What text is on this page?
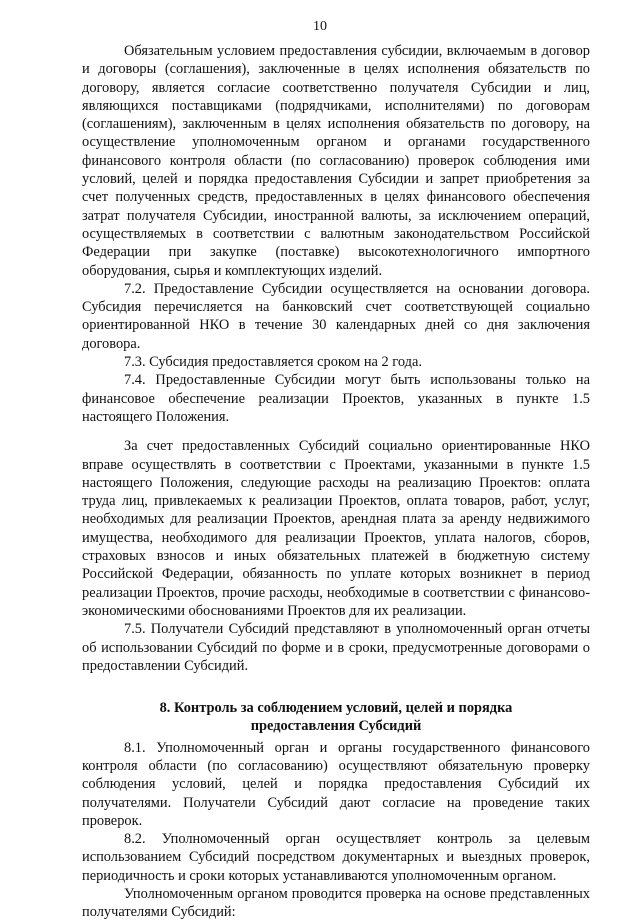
10

Обязательным условием предоставления субсидии, включаемым в договор и договоры (соглашения), заключенные в целях исполнения обязательств по договору, является согласие соответственно получателя Субсидии и лиц, являющихся поставщиками (подрядчиками, исполнителями) по договорам (соглашениям), заключенным в целях исполнения обязательств по договору, на осуществление уполномоченным органом и органами государственного финансового контроля области (по согласованию) проверок соблюдения ими условий, целей и порядка предоставления Субсидии и запрет приобретения за счет полученных средств, предоставленных в целях финансового обеспечения затрат получателя Субсидии, иностранной валюты, за исключением операций, осуществляемых в соответствии с валютным законодательством Российской Федерации при закупке (поставке) высокотехнологичного импортного оборудования, сырья и комплектующих изделий.

7.2. Предоставление Субсидии осуществляется на основании договора. Субсидия перечисляется на банковский счет соответствующей социально ориентированной НКО в течение 30 календарных дней со дня заключения договора.

7.3. Субсидия предоставляется сроком на 2 года.

7.4. Предоставленные Субсидии могут быть использованы только на финансовое обеспечение реализации Проектов, указанных в пункте 1.5 настоящего Положения.

За счет предоставленных Субсидий социально ориентированные НКО вправе осуществлять в соответствии с Проектами, указанными в пункте 1.5 настоящего Положения, следующие расходы на реализацию Проектов: оплата труда лиц, привлекаемых к реализации Проектов, оплата товаров, работ, услуг, необходимых для реализации Проектов, арендная плата за аренду недвижимого имущества, необходимого для реализации Проектов, уплата налогов, сборов, страховых взносов и иных обязательных платежей в бюджетную систему Российской Федерации, обязанность по уплате которых возникнет в период реализации Проектов, прочие расходы, необходимые в соответствии с финансово-экономическими обоснованиями Проектов для их реализации.

7.5. Получатели Субсидий представляют в уполномоченный орган отчеты об использовании Субсидий по форме и в сроки, предусмотренные договорами о предоставлении Субсидий.

8. Контроль за соблюдением условий, целей и порядка предоставления Субсидий

8.1. Уполномоченный орган и органы государственного финансового контроля области (по согласованию) осуществляют обязательную проверку соблюдения условий, целей и порядка предоставления Субсидий их получателями. Получатели Субсидий дают согласие на проведение таких проверок.

8.2. Уполномоченный орган осуществляет контроль за целевым использованием Субсидий посредством документарных и выездных проверок, периодичность и сроки которых устанавливаются уполномоченным органом.

Уполномоченным органом проводится проверка на основе представленных получателями Субсидий:
